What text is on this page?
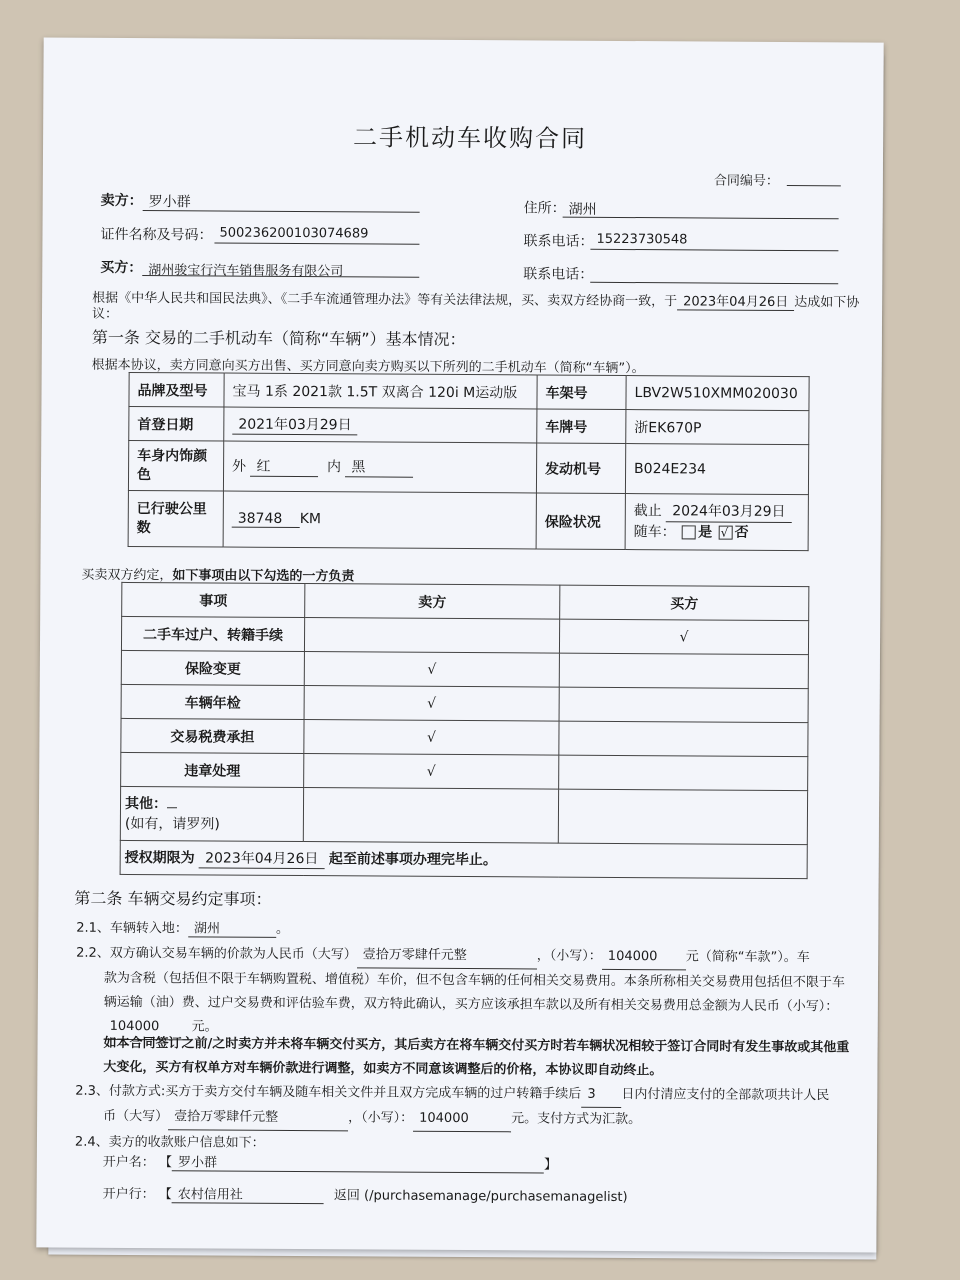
二手机动车收购合同
合同编号：
卖方： 罗小群	住所： 湖州
证件名称及号码： 500236200103074689	联系电话： 15223730548
买方： 湖州骏宝行汽车销售服务有限公司	联系电话：
根据《中华人民共和国民法典》、《二手车流通管理办法》等有关法律法规，买、卖双方经协商一致，于 2023年04月26日 达成如下协
议：
第一条 交易的二手机动车（简称“车辆”）基本情况：
根据本协议，卖方同意向买方出售、买方同意向卖方购买以下所列的二手机动车（简称“车辆”）。
品牌及型号	宝马 1系 2021款 1.5T 双离合 120i M运动版	车架号	LBV2W510XMM020030
首登日期	2021年03月29日	车牌号	浙EK670P
车身内饰颜色	外 红 内 黑	发动机号	B024E234
已行驶公里数	38748 KM	保险状况	截止 2024年03月29日
随车： 是 √ 否
买卖双方约定，如下事项由以下勾选的一方负责
事项	卖方	买方
二手车过户、转籍手续		√
保险变更	√	
车辆年检	√	
交易税费承担	√	
违章处理	√	

其他：
(如有，请罗列)		

授权期限为 2023年04月26日 起至前述事项办理完毕止。		
第二条 车辆交易约定事项：
2.1、车辆转入地： 湖州	。
2.2、双方确认交易车辆的价款为人民币（大写） 壹拾万零肆仟元整	，（小写）： 104000 元（简称“车款”）。车
款为含税（包括但不限于车辆购置税、增值税）车价，但不包含车辆的任何相关交易费用。本条所称相关交易费用包括但不限于车
辆运输（油）费、过户交易费和评估验车费，双方特此确认，买方应该承担车款以及所有相关交易费用总金额为人民币（小写）：
104000 元。
如本合同签订之前/之时卖方并未将车辆交付买方，其后卖方在将车辆交付买方时若车辆状况相较于签订合同时有发生事故或其他重
大变化，买方有权单方对车辆价款进行调整，如卖方不同意该调整后的价格，本协议即自动终止。
2.3、付款方式:买方于卖方交付车辆及随车相关文件并且双方完成车辆的过户转籍手续后 3 日内付清应支付的全部款项共计人民
币（大写） 壹拾万零肆仟元整	，（小写）： 104000	元。支付方式为汇款。
2.4、卖方的收款账户信息如下：
开户名： 【 罗小群	】
开户行： 【 农村信用社	返回 (/purchasemanage/purchasemanagelist)
